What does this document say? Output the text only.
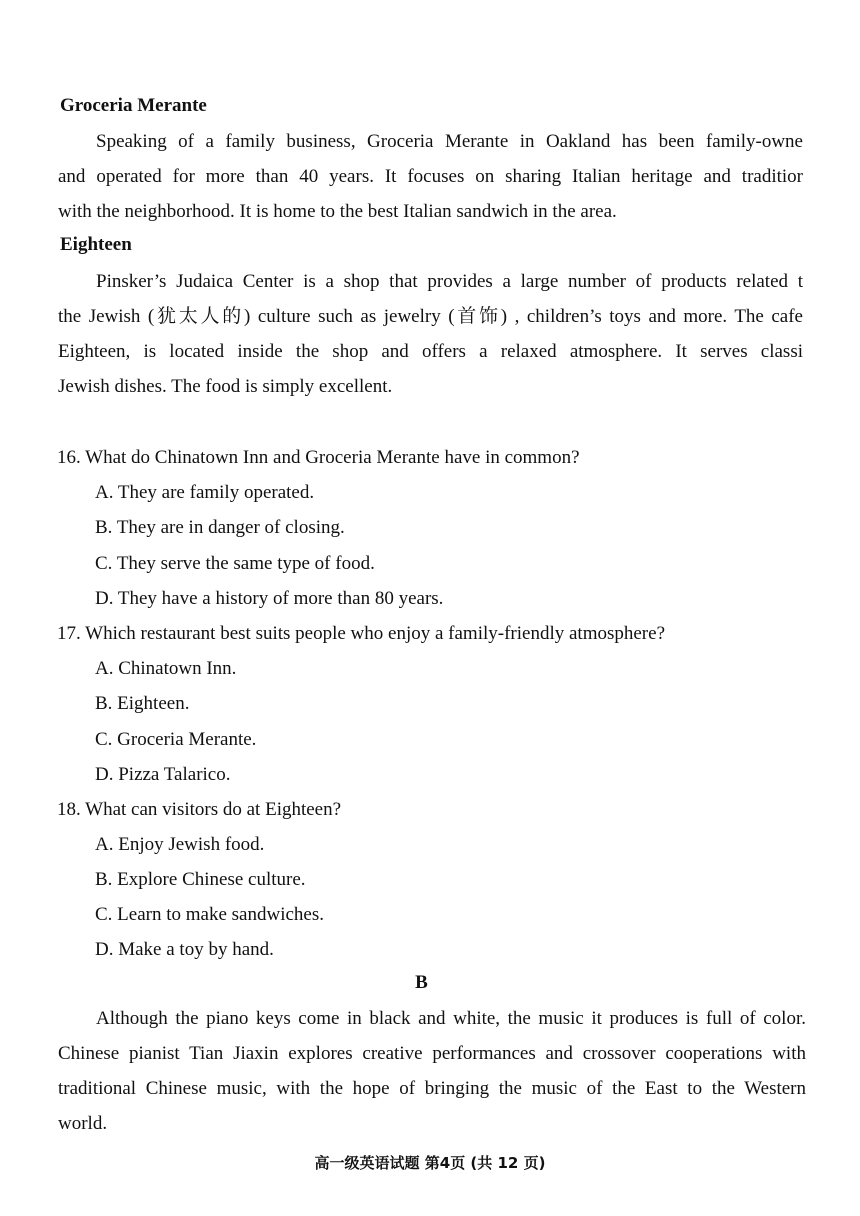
Groceria Merante
Speaking of a family business, Groceria Merante in Oakland has been family-owne
and operated for more than 40 years. It focuses on sharing Italian heritage and traditior
with the neighborhood. It is home to the best Italian sandwich in the area.
Eighteen
Pinsker’s Judaica Center is a shop that provides a large number of products related t
the Jewish (犹太人的) culture such as jewelry (首饰) , children’s toys and more. The cafe
Eighteen, is located inside the shop and offers a relaxed atmosphere. It serves classi
Jewish dishes. The food is simply excellent.
16. What do Chinatown Inn and Groceria Merante have in common?
A. They are family operated.
B. They are in danger of closing.
C. They serve the same type of food.
D. They have a history of more than 80 years.
17. Which restaurant best suits people who enjoy a family-friendly atmosphere?
A. Chinatown Inn.
B. Eighteen.
C. Groceria Merante.
D. Pizza Talarico.
18. What can visitors do at Eighteen?
A. Enjoy Jewish food.
B. Explore Chinese culture.
C. Learn to make sandwiches.
D. Make a toy by hand.
B
Although the piano keys come in black and white, the music it produces is full of color.
Chinese pianist Tian Jiaxin explores creative performances and crossover cooperations with
traditional Chinese music, with the hope of bringing the music of the East to the Western
world.
高一级英语试题 第4页 (共 12 页)
